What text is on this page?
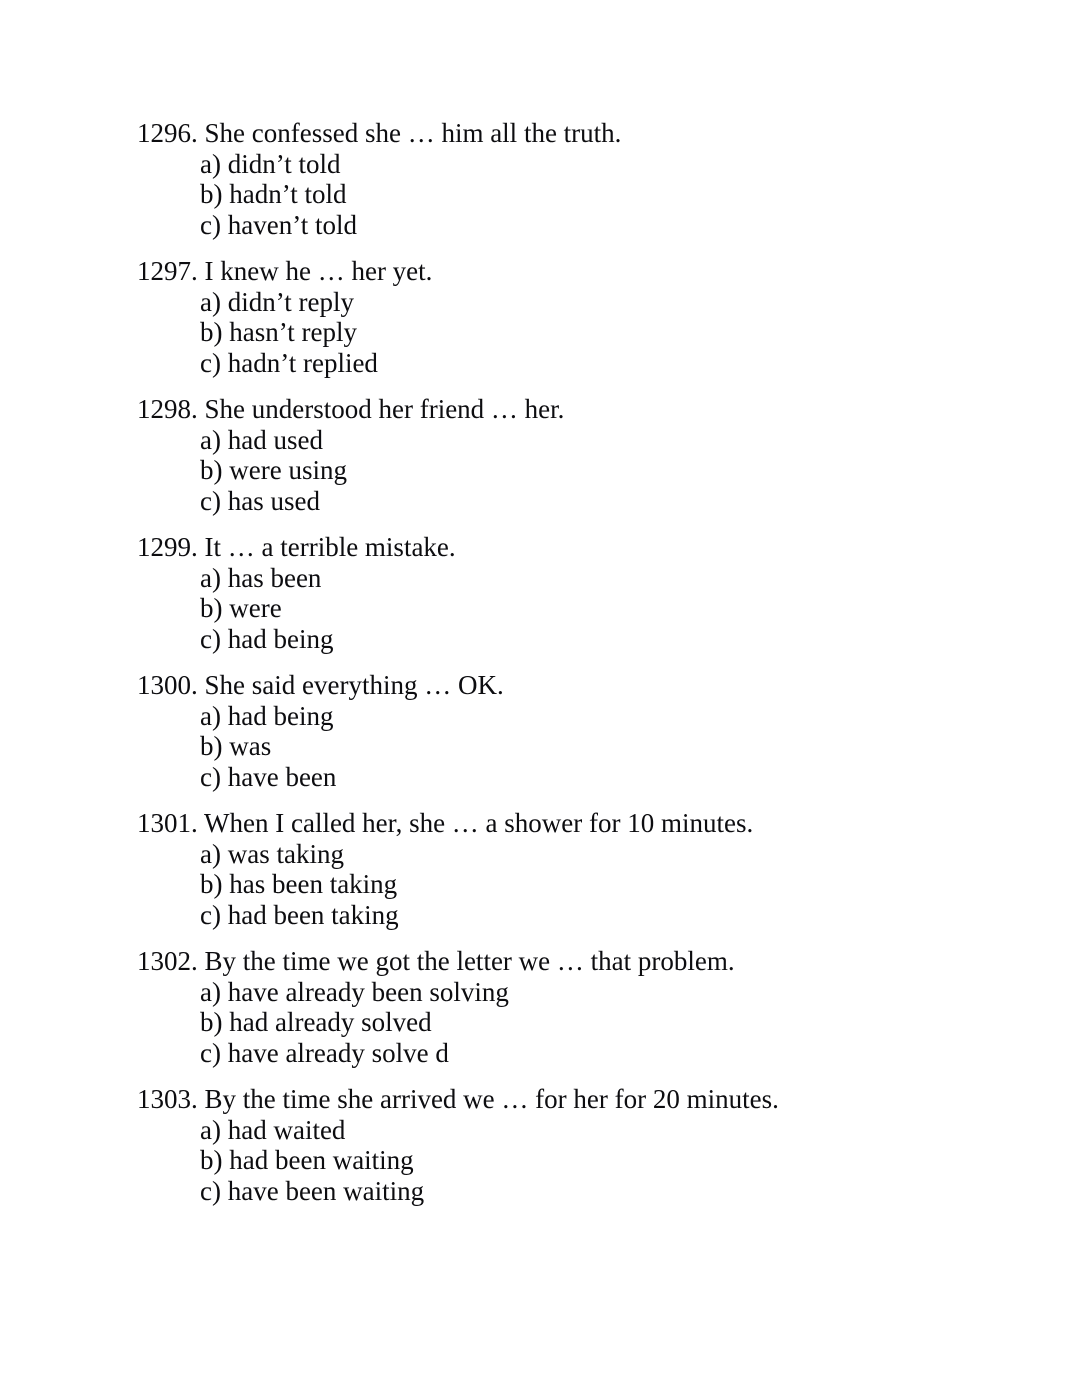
1296. She confessed she … him all the truth.
a) didn’t told
b) hadn’t told
c) haven’t told
1297. I knew he … her yet.
a) didn’t reply
b) hasn’t reply
c) hadn’t replied
1298. She understood her friend … her.
a) had used
b) were using
c) has used
1299. It … a terrible mistake.
a) has been
b) were
c) had being
1300. She said everything … OK.
a) had being
b) was
c) have been
1301. When I called her, she … a shower for 10 minutes.
a) was taking
b) has been taking
c) had been taking
1302. By the time we got the letter we … that problem.
a) have already been solving
b) had already solved
c) have already solve d
1303. By the time she arrived we … for her for 20 minutes.
a) had waited
b) had been waiting
c) have been waiting
